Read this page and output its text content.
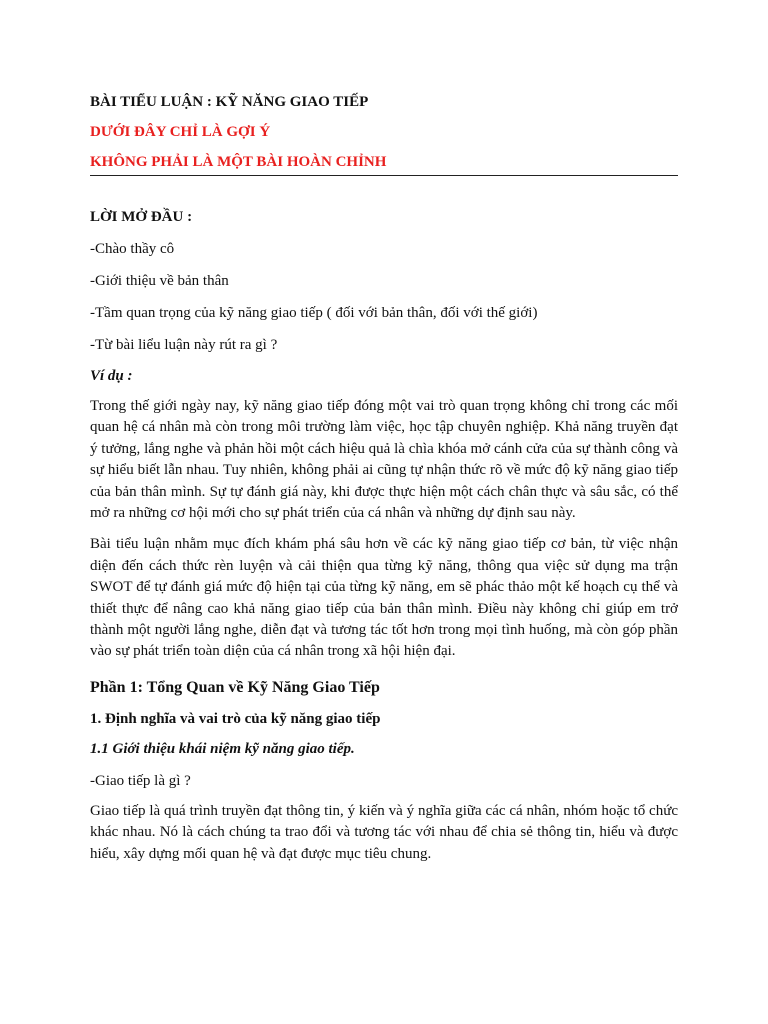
BÀI TIỂU LUẬN : KỸ NĂNG GIAO TIẾP

DƯỚI ĐÂY CHỈ LÀ GỢI Ý

KHÔNG PHẢI LÀ MỘT BÀI HOÀN CHỈNH

LỜI MỞ ĐẦU :

-Chào thầy cô

-Giới thiệu về bản thân

-Tầm quan trọng của kỹ năng giao tiếp ( đối với bản thân, đối với thế giới)

-Từ bài liểu luận này rút ra gì ?

Ví dụ :

Trong thế giới ngày nay, kỹ năng giao tiếp đóng một vai trò quan trọng không chỉ trong các mối quan hệ cá nhân mà còn trong môi trường làm việc, học tập chuyên nghiệp. Khả năng truyền đạt ý tưởng, lắng nghe và phản hồi một cách hiệu quả là chìa khóa mở cánh cửa của sự thành công và sự hiểu biết lẫn nhau. Tuy nhiên, không phải ai cũng tự nhận thức rõ về mức độ kỹ năng giao tiếp của bản thân mình. Sự tự đánh giá này, khi được thực hiện một cách chân thực và sâu sắc, có thể mở ra những cơ hội mới cho sự phát triển của cá nhân và những dự định sau này.

Bài tiểu luận nhằm mục đích khám phá sâu hơn về các kỹ năng giao tiếp cơ bản, từ việc nhận diện đến cách thức rèn luyện và cải thiện qua từng kỹ năng, thông qua việc sử dụng ma trận SWOT để tự đánh giá mức độ hiện tại của từng kỹ năng, em sẽ phác thảo một kế hoạch cụ thể và thiết thực để nâng cao khả năng giao tiếp của bản thân mình. Điều này không chỉ giúp em trở thành một người lắng nghe, diễn đạt và tương tác tốt hơn trong mọi tình huống, mà còn góp phần vào sự phát triển toàn diện của cá nhân trong xã hội hiện đại.

Phần 1: Tổng Quan về Kỹ Năng Giao Tiếp

1. Định nghĩa và vai trò của kỹ năng giao tiếp

1.1 Giới thiệu khái niệm kỹ năng giao tiếp.

-Giao tiếp là gì ?

Giao tiếp là quá trình truyền đạt thông tin, ý kiến và ý nghĩa giữa các cá nhân, nhóm hoặc tổ chức khác nhau. Nó là cách chúng ta trao đổi và tương tác với nhau để chia sẻ thông tin, hiểu và được hiểu, xây dựng mối quan hệ và đạt được mục tiêu chung.
